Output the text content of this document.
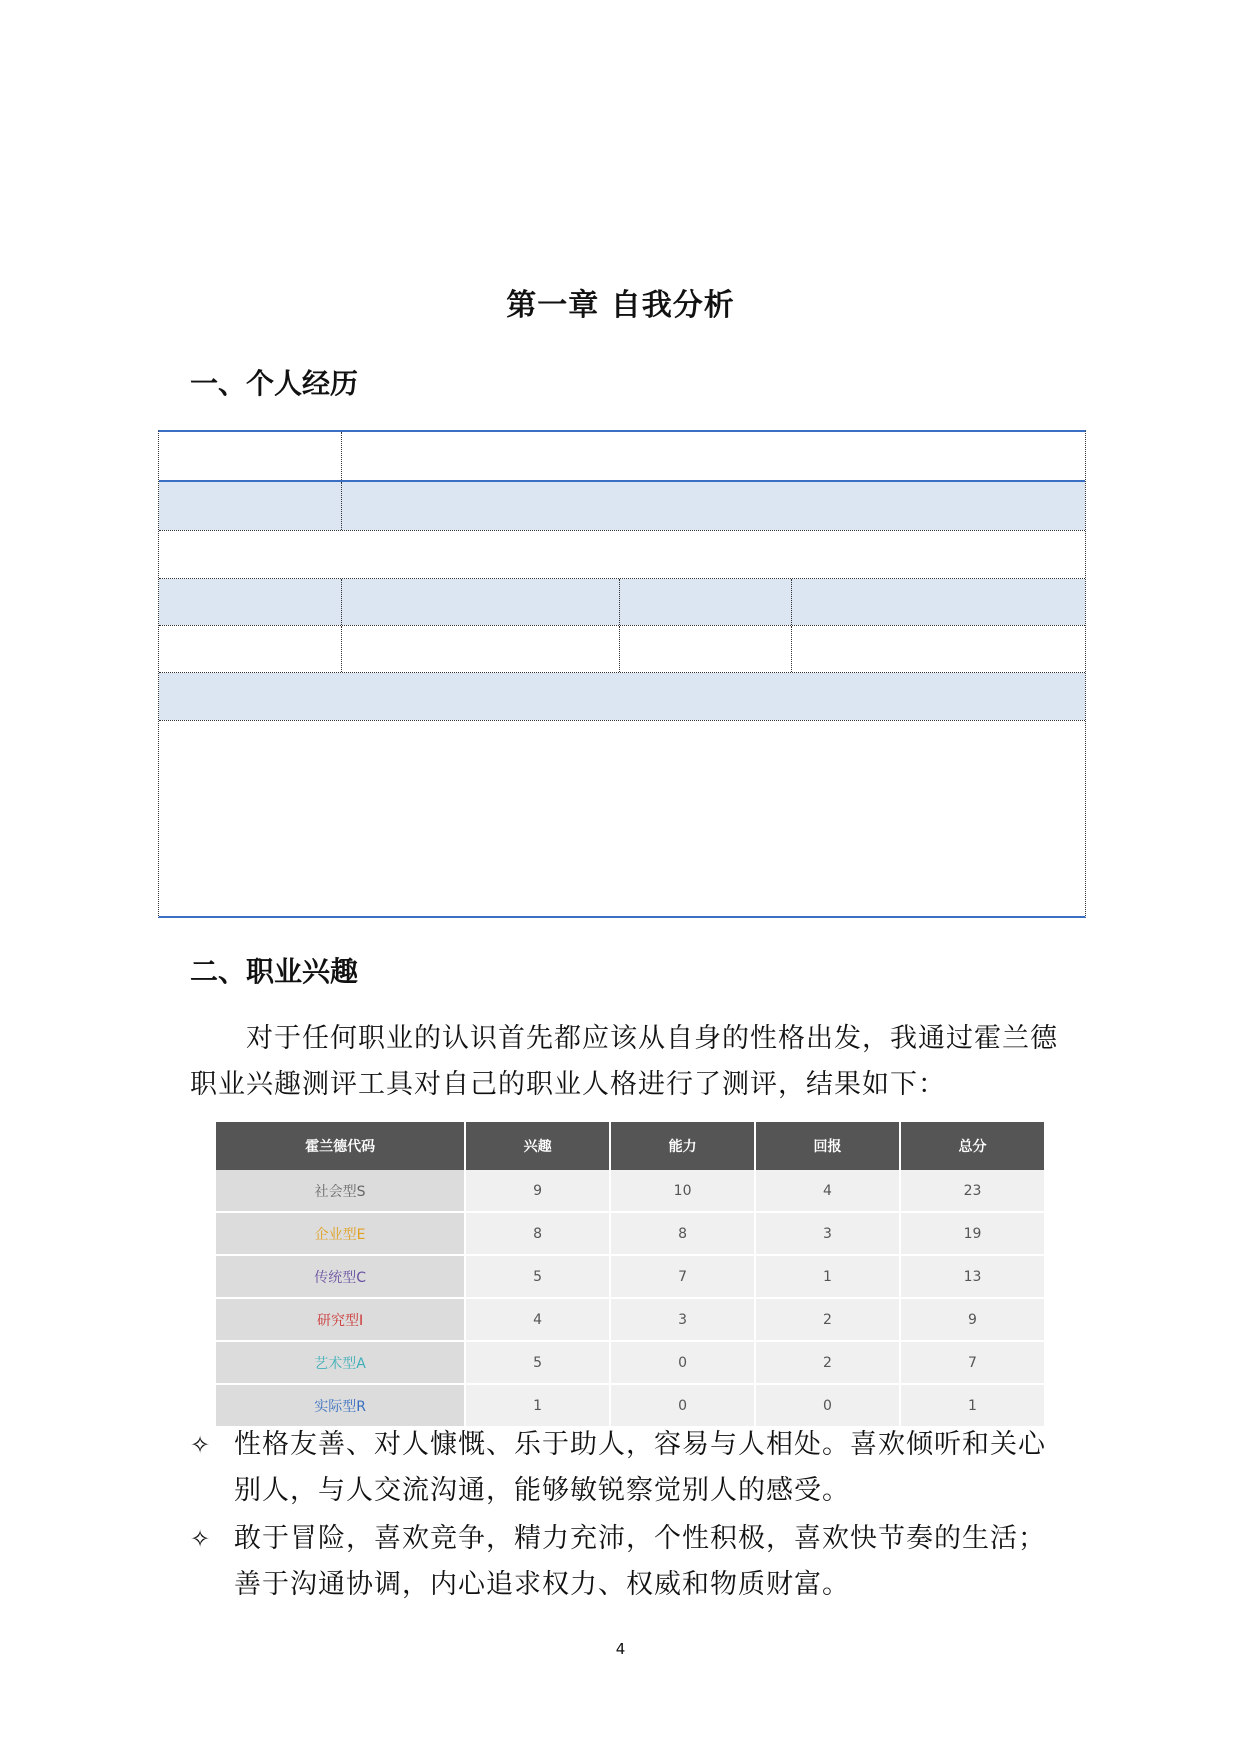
第一章 自我分析
一、个人经历
二、职业兴趣
对于任何职业的认识首先都应该从自身的性格出发，我通过霍兰德职业兴趣测评工具对自己的职业人格进行了测评，结果如下：
霍兰德代码	兴趣	能力	回报	总分
社会型S	9	10	4	23
企业型E	8	8	3	19
传统型C	5	7	1	13
研究型I	4	3	2	9
艺术型A	5	0	2	7
实际型R	1	0	0	1
✧ 性格友善、对人慷慨、乐于助人，容易与人相处。喜欢倾听和关心别人，与人交流沟通，能够敏锐察觉别人的感受。
✧ 敢于冒险，喜欢竞争，精力充沛，个性积极，喜欢快节奏的生活；善于沟通协调，内心追求权力、权威和物质财富。
4
